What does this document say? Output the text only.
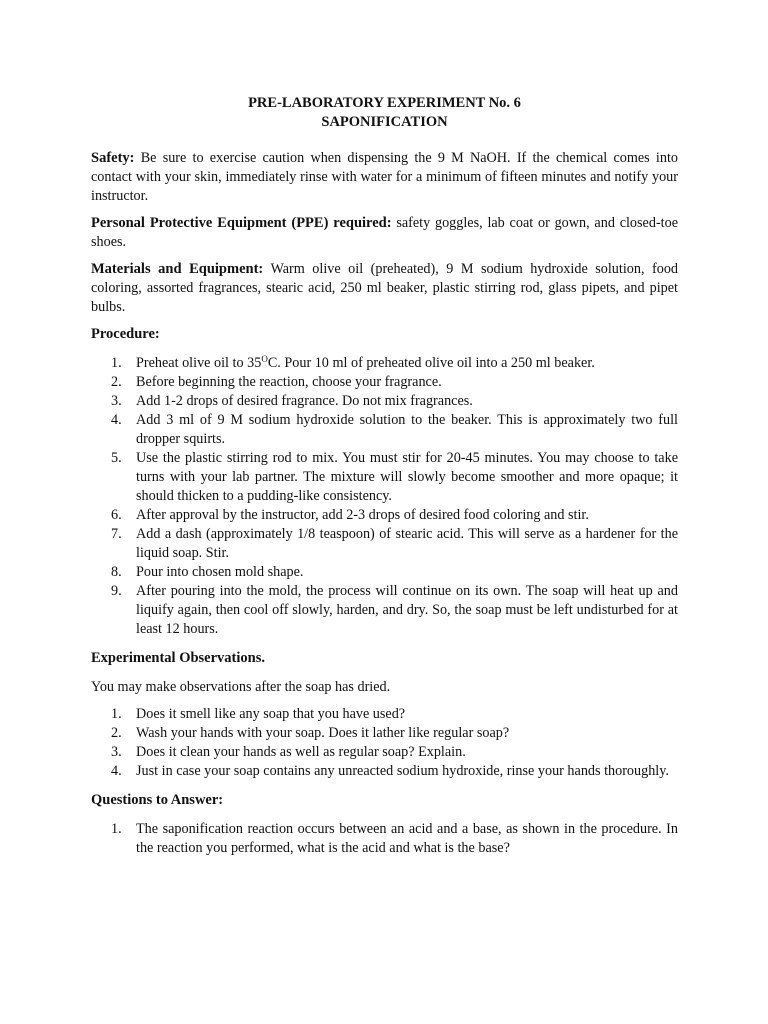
PRE-LABORATORY EXPERIMENT No. 6
SAPONIFICATION

Safety: Be sure to exercise caution when dispensing the 9 M NaOH. If the chemical comes into contact with your skin, immediately rinse with water for a minimum of fifteen minutes and notify your instructor.

Personal Protective Equipment (PPE) required: safety goggles, lab coat or gown, and closed-toe shoes.

Materials and Equipment: Warm olive oil (preheated), 9 M sodium hydroxide solution, food coloring, assorted fragrances, stearic acid, 250 ml beaker, plastic stirring rod, glass pipets, and pipet bulbs.

Procedure:
1. Preheat olive oil to $35^OC$. Pour 10 ml of preheated olive oil into a 250 ml beaker.
2. Before beginning the reaction, choose your fragrance.
3. Add 1-2 drops of desired fragrance. Do not mix fragrances.
4. Add 3 ml of 9 M sodium hydroxide solution to the beaker. This is approximately two full dropper squirts.
5. Use the plastic stirring rod to mix. You must stir for 20-45 minutes. You may choose to take turns with your lab partner. The mixture will slowly become smoother and more opaque; it should thicken to a pudding-like consistency.
6. After approval by the instructor, add 2-3 drops of desired food coloring and stir.
7. Add a dash (approximately 1/8 teaspoon) of stearic acid. This will serve as a hardener for the liquid soap. Stir.
8. Pour into chosen mold shape.
9. After pouring into the mold, the process will continue on its own. The soap will heat up and liquify again, then cool off slowly, harden, and dry. So, the soap must be left undisturbed for at least 12 hours.
Experimental Observations.

You may make observations after the soap has dried.

1. Does it smell like any soap that you have used?
2. Wash your hands with your soap. Does it lather like regular soap?
3. Does it clean your hands as well as regular soap? Explain.
4. Just in case your soap contains any unreacted sodium hydroxide, rinse your hands thoroughly.
Questions to Answer:
1. The saponification reaction occurs between an acid and a base, as shown in the procedure. In the reaction you performed, what is the acid and what is the base?
